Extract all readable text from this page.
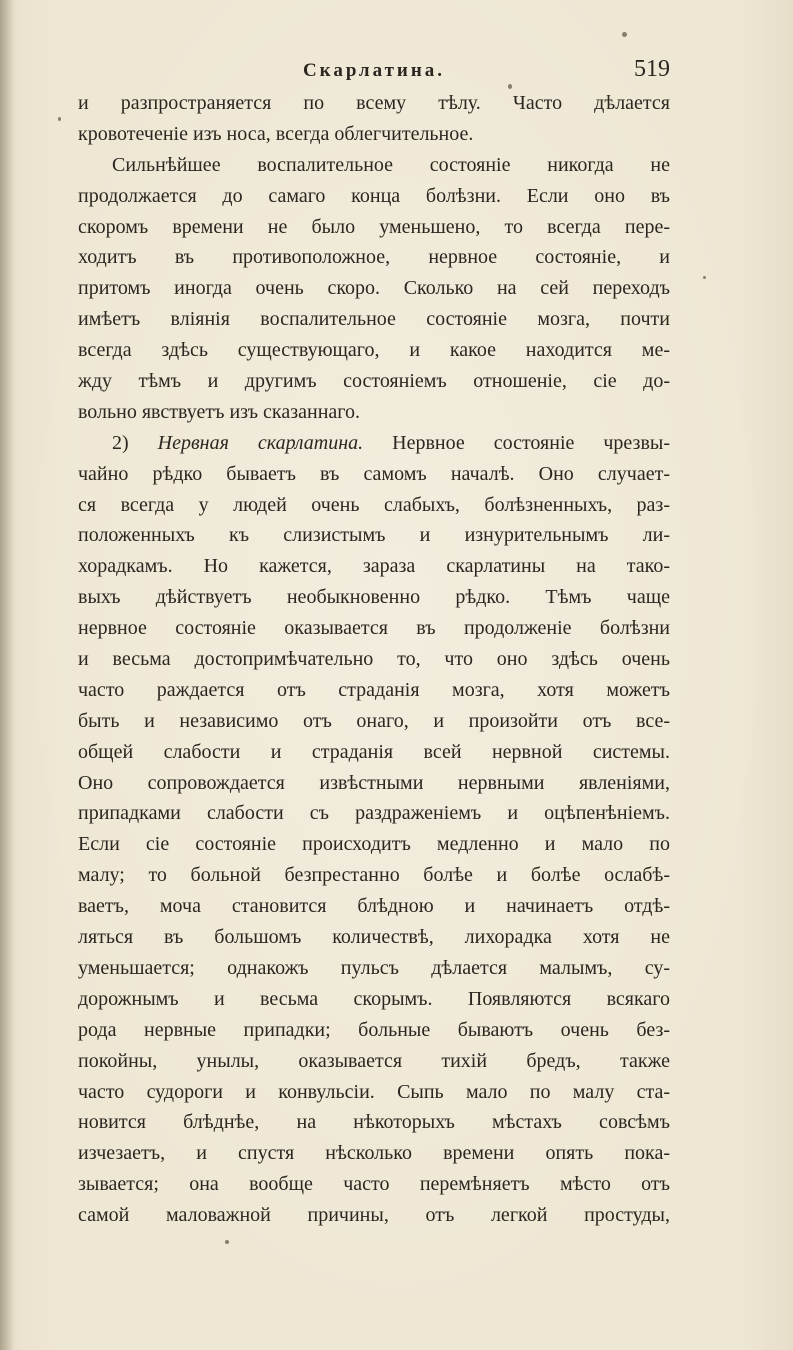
Скарлатина.	519
и разпространяется по всему тѣлу. Часто дѣлается
кровотеченіе изъ носа, всегда облегчительное.
Сильнѣйшее воспалительное состояніе никогда не
продолжается до самаго конца болѣзни. Если оно въ
скоромъ времени не было уменьшено, то всегда пере-
ходитъ въ противоположное, нервное состояніе, и
притомъ иногда очень скоро. Сколько на сей переходъ
имѣетъ вліянія воспалительное состояніе мозга, почти
всегда здѣсь существующаго, и какое находится ме-
жду тѣмъ и другимъ состояніемъ отношеніе, сіе до-
вольно явствуетъ изъ сказаннаго.
2) Нервная скарлатина. Нервное состояніе чрезвы-
чайно рѣдко бываетъ въ самомъ началѣ. Оно случает-
ся всегда у людей очень слабыхъ, болѣзненныхъ, раз-
положенныхъ къ слизистымъ и изнурительнымъ ли-
хорадкамъ. Но кажется, зараза скарлатины на тако-
выхъ дѣйствуетъ необыкновенно рѣдко. Тѣмъ чаще
нервное состояніе оказывается въ продолженіе болѣзни
и весьма достопримѣчательно то, что оно здѣсь очень
часто раждается отъ страданія мозга, хотя можетъ
быть и независимо отъ онаго, и произойти отъ все-
общей слабости и страданія всей нервной системы.
Оно сопровождается извѣстными нервными явленіями,
припадками слабости съ раздраженіемъ и оцѣпенѣніемъ.
Если сіе состояніе происходитъ медленно и мало по
малу; то больной безпрестанно болѣе и болѣе ослабѣ-
ваетъ, моча становится блѣдною и начинаетъ отдѣ-
ляться въ большомъ количествѣ, лихорадка хотя не
уменьшается; однакожъ пульсъ дѣлается малымъ, су-
дорожнымъ и весьма скорымъ. Появляются всякаго
рода нервные припадки; больные бываютъ очень без-
покойны, унылы, оказывается тихій бредъ, также
часто судороги и конвульсіи. Сыпь мало по малу ста-
новится блѣднѣе, на нѣкоторыхъ мѣстахъ совсѣмъ
изчезаетъ, и спустя нѣсколько времени опять пока-
зывается; она вообще часто перемѣняетъ мѣсто отъ
самой маловажной причины, отъ легкой простуды,
